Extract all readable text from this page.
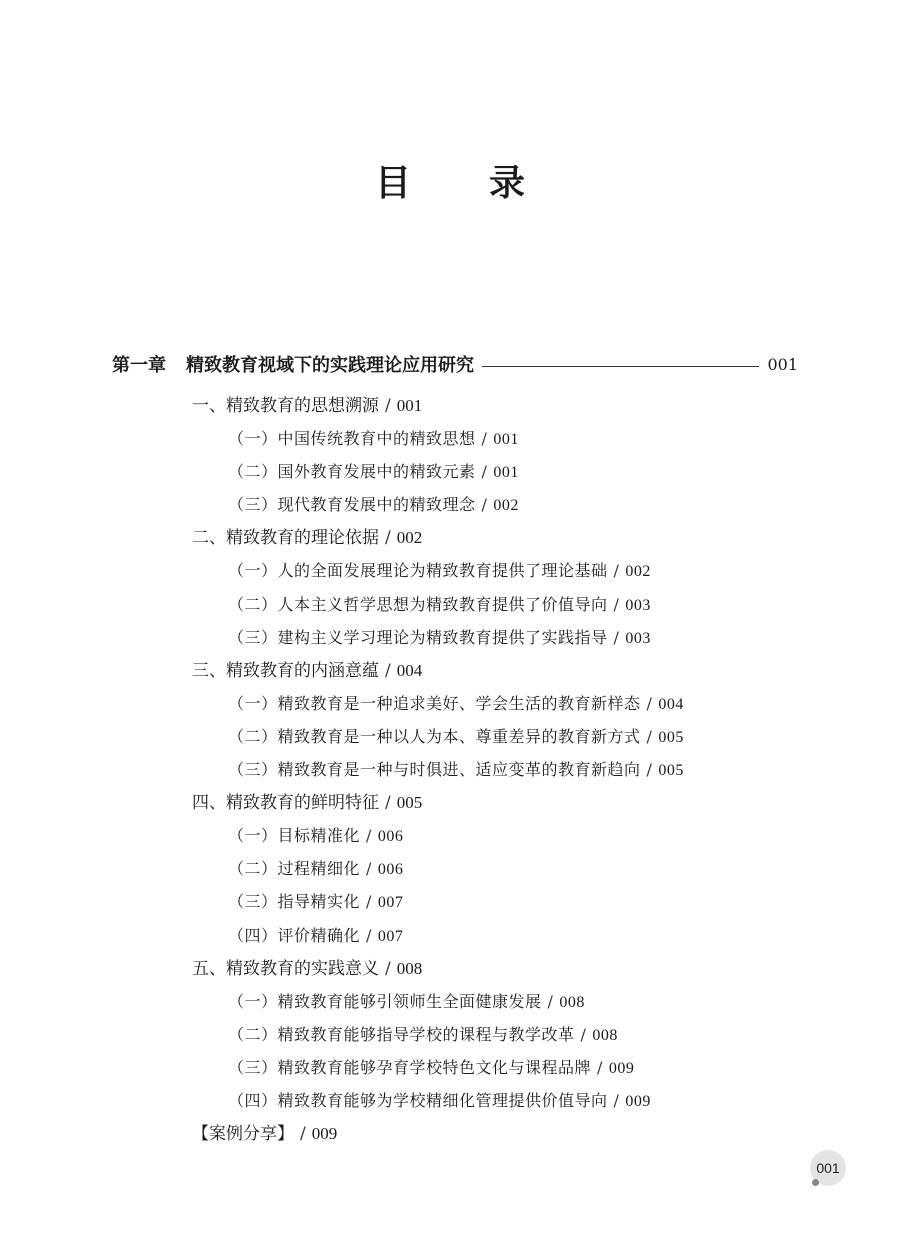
目录
第一章 精致教育视域下的实践理论应用研究	001
一、精致教育的思想溯源 / 001
（一）中国传统教育中的精致思想 / 001
（二）国外教育发展中的精致元素 / 001
（三）现代教育发展中的精致理念 / 002
二、精致教育的理论依据 / 002
（一）人的全面发展理论为精致教育提供了理论基础 / 002
（二）人本主义哲学思想为精致教育提供了价值导向 / 003
（三）建构主义学习理论为精致教育提供了实践指导 / 003
三、精致教育的内涵意蕴 / 004
（一）精致教育是一种追求美好、学会生活的教育新样态 / 004
（二）精致教育是一种以人为本、尊重差异的教育新方式 / 005
（三）精致教育是一种与时俱进、适应变革的教育新趋向 / 005
四、精致教育的鲜明特征 / 005
（一）目标精准化 / 006
（二）过程精细化 / 006
（三）指导精实化 / 007
（四）评价精确化 / 007
五、精致教育的实践意义 / 008
（一）精致教育能够引领师生全面健康发展 / 008
（二）精致教育能够指导学校的课程与教学改革 / 008
（三）精致教育能够孕育学校特色文化与课程品牌 / 009
（四）精致教育能够为学校精细化管理提供价值导向 / 009
【案例分享】 / 009
001
